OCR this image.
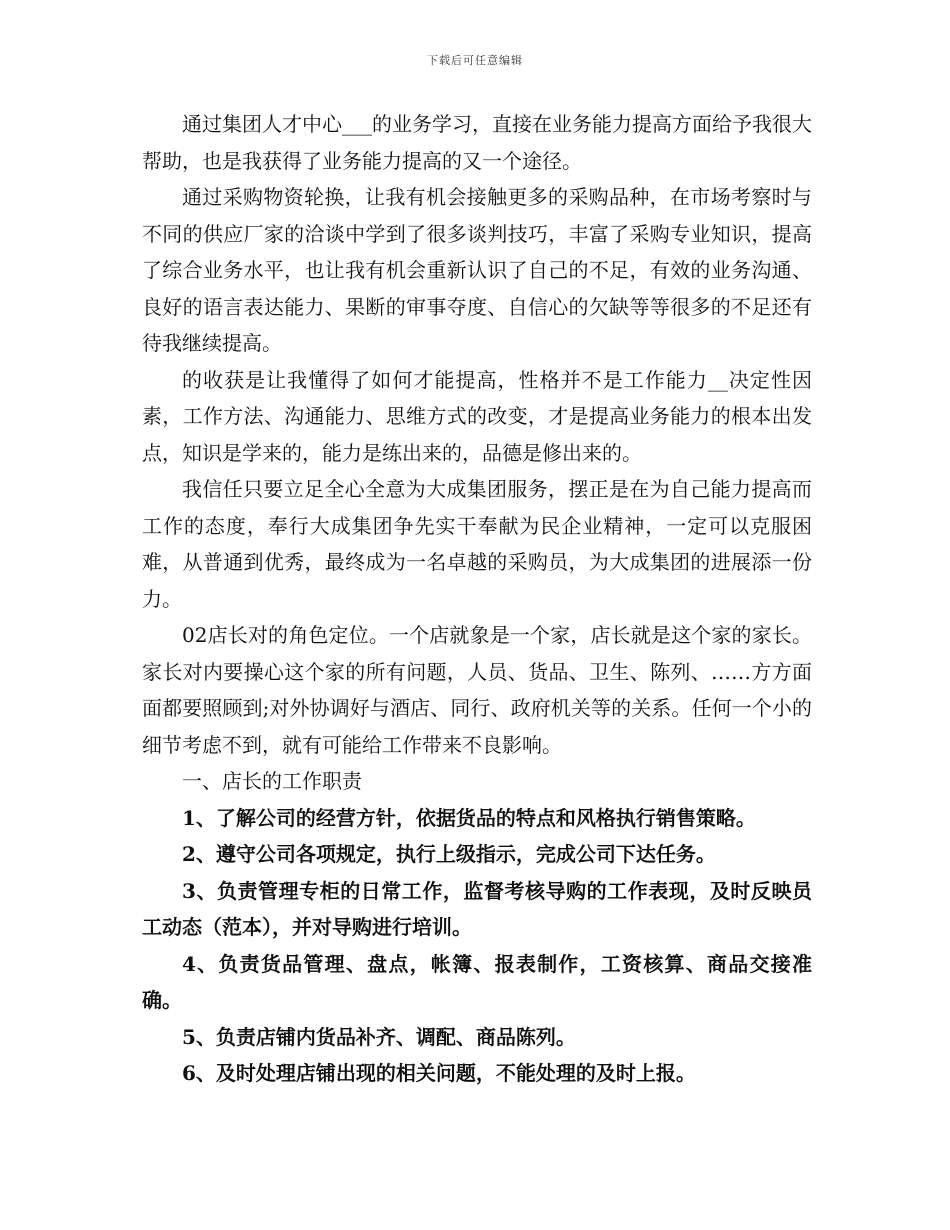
下载后可任意编辑

通过集团人才中心___的业务学习，直接在业务能力提高方面给予我很大帮助，也是我获得了业务能力提高的又一个途径。

通过采购物资轮换，让我有机会接触更多的采购品种，在市场考察时与不同的供应厂家的洽谈中学到了很多谈判技巧，丰富了采购专业知识，提高了综合业务水平，也让我有机会重新认识了自己的不足，有效的业务沟通、良好的语言表达能力、果断的审事夺度、自信心的欠缺等等很多的不足还有待我继续提高。

的收获是让我懂得了如何才能提高，性格并不是工作能力__决定性因素，工作方法、沟通能力、思维方式的改变，才是提高业务能力的根本出发点，知识是学来的，能力是练出来的，品德是修出来的。

我信任只要立足全心全意为大成集团服务，摆正是在为自己能力提高而工作的态度，奉行大成集团争先实干奉献为民企业精神，一定可以克服困难，从普通到优秀，最终成为一名卓越的采购员，为大成集团的进展添一份力。

02店长对的角色定位。一个店就象是一个家，店长就是这个家的家长。家长对内要操心这个家的所有问题，人员、货品、卫生、陈列、……方方面面都要照顾到;对外协调好与酒店、同行、政府机关等的关系。任何一个小的细节考虑不到，就有可能给工作带来不良影响。

一、店长的工作职责

1、了解公司的经营方针，依据货品的特点和风格执行销售策略。

2、遵守公司各项规定，执行上级指示，完成公司下达任务。

3、负责管理专柜的日常工作，监督考核导购的工作表现，及时反映员工动态（范本），并对导购进行培训。

4、负责货品管理、盘点，帐簿、报表制作，工资核算、商品交接准确。

5、负责店铺内货品补齐、调配、商品陈列。

6、及时处理店铺出现的相关问题，不能处理的及时上报。
